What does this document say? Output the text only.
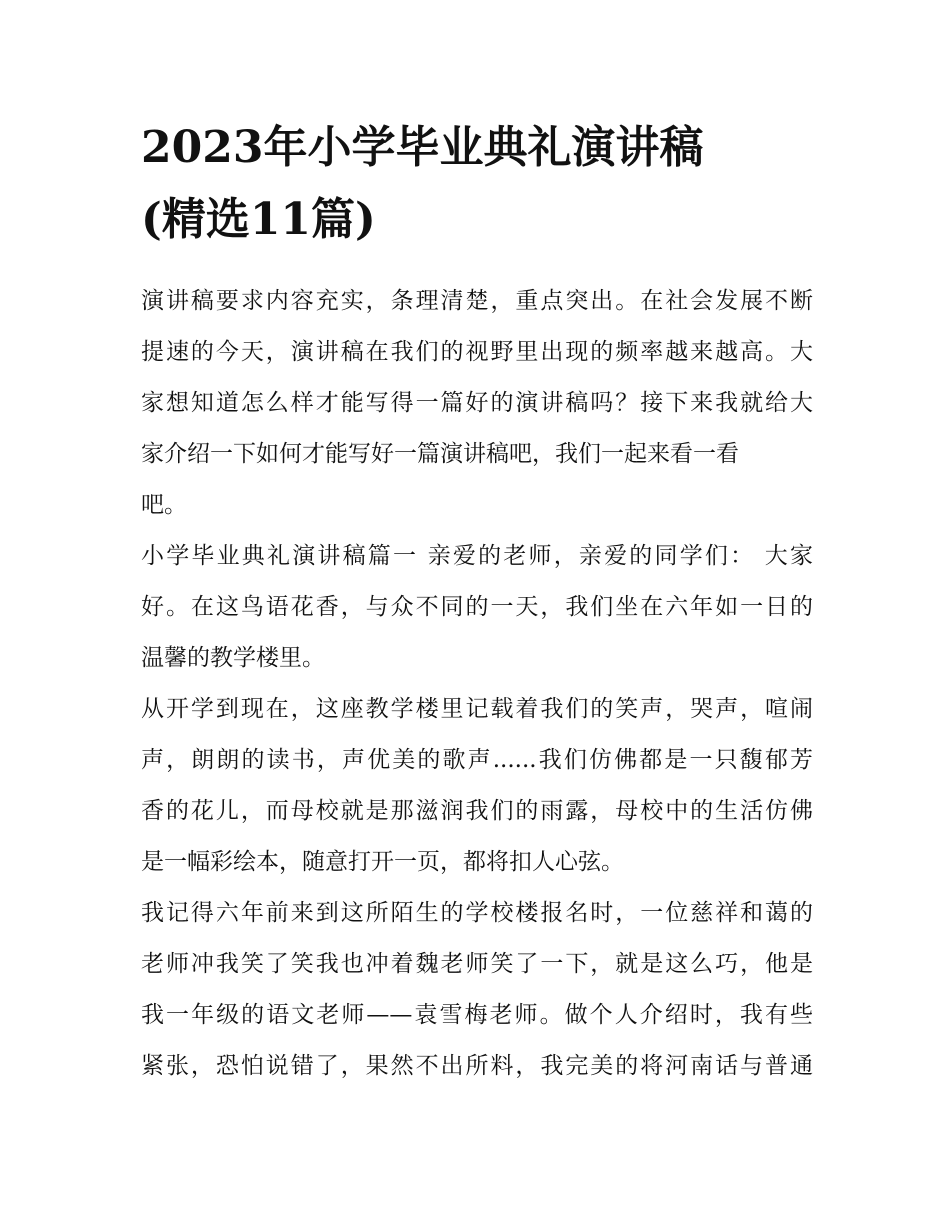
2023年小学毕业典礼演讲稿
(精选11篇)

演讲稿要求内容充实，条理清楚，重点突出。在社会发展不断
提速的今天，演讲稿在我们的视野里出现的频率越来越高。大
家想知道怎么样才能写得一篇好的演讲稿吗？接下来我就给大
家介绍一下如何才能写好一篇演讲稿吧，我们一起来看一看
吧。

小学毕业典礼演讲稿篇一 亲爱的老师，亲爱的同学们： 大家
好。在这鸟语花香，与众不同的一天，我们坐在六年如一日的
温馨的教学楼里。

从开学到现在，这座教学楼里记载着我们的笑声，哭声，喧闹
声，朗朗的读书，声优美的歌声......我们仿佛都是一只馥郁芳
香的花儿，而母校就是那滋润我们的雨露，母校中的生活仿佛
是一幅彩绘本，随意打开一页，都将扣人心弦。

我记得六年前来到这所陌生的学校楼报名时，一位慈祥和蔼的
老师冲我笑了笑我也冲着魏老师笑了一下，就是这么巧，他是
我一年级的语文老师——袁雪梅老师。做个人介绍时，我有些
紧张，恐怕说错了，果然不出所料，我完美的将河南话与普通
